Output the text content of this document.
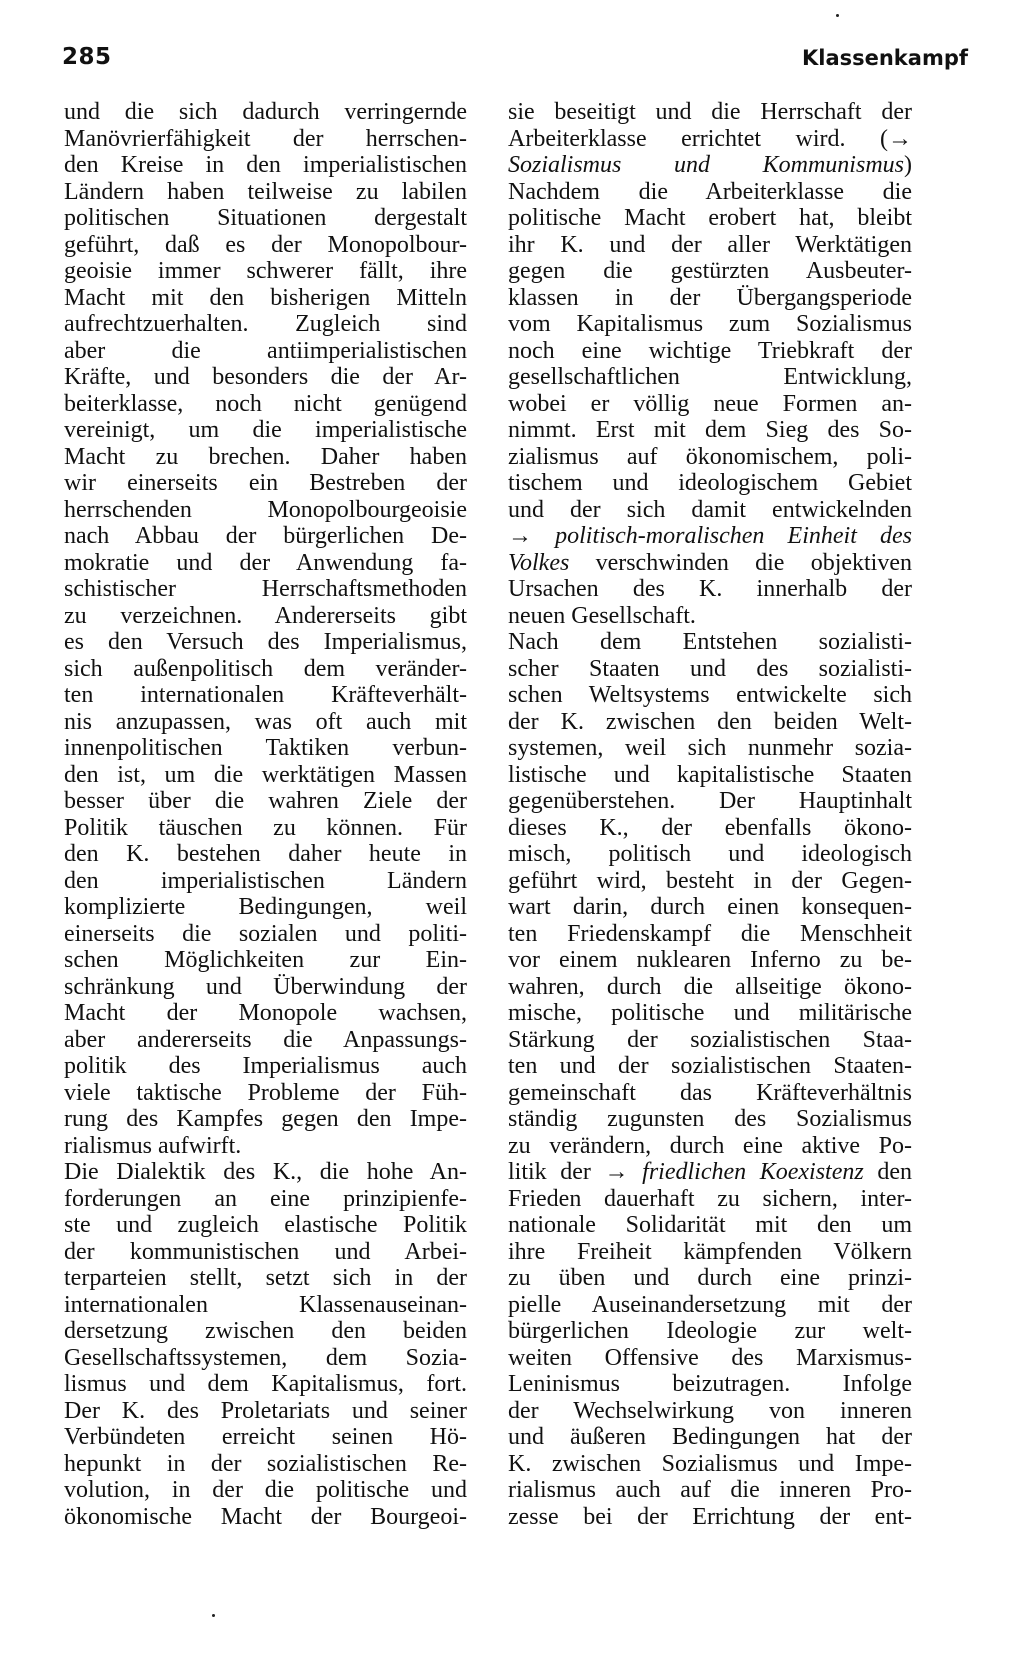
285	Klassenkampf
und die sich dadurch verringernde
Manövrierfähigkeit der herrschen-
den Kreise in den imperialistischen
Ländern haben teilweise zu labilen
politischen Situationen dergestalt
geführt, daß es der Monopolbour-
geoisie immer schwerer fällt, ihre
Macht mit den bisherigen Mitteln
aufrechtzuerhalten. Zugleich sind
aber die antiimperialistischen
Kräfte, und besonders die der Ar-
beiterklasse, noch nicht genügend
vereinigt, um die imperialistische
Macht zu brechen. Daher haben
wir einerseits ein Bestreben der
herrschenden Monopolbourgeoisie
nach Abbau der bürgerlichen De-
mokratie und der Anwendung fa-
schistischer Herrschaftsmethoden
zu verzeichnen. Andererseits gibt
es den Versuch des Imperialismus,
sich außenpolitisch dem veränder-
ten internationalen Kräfteverhält-
nis anzupassen, was oft auch mit
innenpolitischen Taktiken verbun-
den ist, um die werktätigen Massen
besser über die wahren Ziele der
Politik täuschen zu können. Für
den K. bestehen daher heute in
den imperialistischen Ländern
komplizierte Bedingungen, weil
einerseits die sozialen und politi-
schen Möglichkeiten zur Ein-
schränkung und Überwindung der
Macht der Monopole wachsen,
aber andererseits die Anpassungs-
politik des Imperialismus auch
viele taktische Probleme der Füh-
rung des Kampfes gegen den Impe-
rialismus aufwirft.
Die Dialektik des K., die hohe An-
forderungen an eine prinzipienfe-
ste und zugleich elastische Politik
der kommunistischen und Arbei-
terparteien stellt, setzt sich in der
internationalen Klassenauseinan-
dersetzung zwischen den beiden
Gesellschaftssystemen, dem Sozia-
lismus und dem Kapitalismus, fort.
Der K. des Proletariats und seiner
Verbündeten erreicht seinen Hö-
hepunkt in der sozialistischen Re-
volution, in der die politische und
ökonomische Macht der Bourgeoi-
sie beseitigt und die Herrschaft der
Arbeiterklasse errichtet wird. (→
Sozialismus und Kommunismus)
Nachdem die Arbeiterklasse die
politische Macht erobert hat, bleibt
ihr K. und der aller Werktätigen
gegen die gestürzten Ausbeuter-
klassen in der Übergangsperiode
vom Kapitalismus zum Sozialismus
noch eine wichtige Triebkraft der
gesellschaftlichen Entwicklung,
wobei er völlig neue Formen an-
nimmt. Erst mit dem Sieg des So-
zialismus auf ökonomischem, poli-
tischem und ideologischem Gebiet
und der sich damit entwickelnden
→ politisch-moralischen Einheit des
Volkes verschwinden die objektiven
Ursachen des K. innerhalb der
neuen Gesellschaft.
Nach dem Entstehen sozialisti-
scher Staaten und des sozialisti-
schen Weltsystems entwickelte sich
der K. zwischen den beiden Welt-
systemen, weil sich nunmehr sozia-
listische und kapitalistische Staaten
gegenüberstehen. Der Hauptinhalt
dieses K., der ebenfalls ökono-
misch, politisch und ideologisch
geführt wird, besteht in der Gegen-
wart darin, durch einen konsequen-
ten Friedenskampf die Menschheit
vor einem nuklearen Inferno zu be-
wahren, durch die allseitige ökono-
mische, politische und militärische
Stärkung der sozialistischen Staa-
ten und der sozialistischen Staaten-
gemeinschaft das Kräfteverhältnis
ständig zugunsten des Sozialismus
zu verändern, durch eine aktive Po-
litik der → friedlichen Koexistenz den
Frieden dauerhaft zu sichern, inter-
nationale Solidarität mit den um
ihre Freiheit kämpfenden Völkern
zu üben und durch eine prinzi-
pielle Auseinandersetzung mit der
bürgerlichen Ideologie zur welt-
weiten Offensive des Marxismus-
Leninismus beizutragen. Infolge
der Wechselwirkung von inneren
und äußeren Bedingungen hat der
K. zwischen Sozialismus und Impe-
rialismus auch auf die inneren Pro-
zesse bei der Errichtung der ent-
